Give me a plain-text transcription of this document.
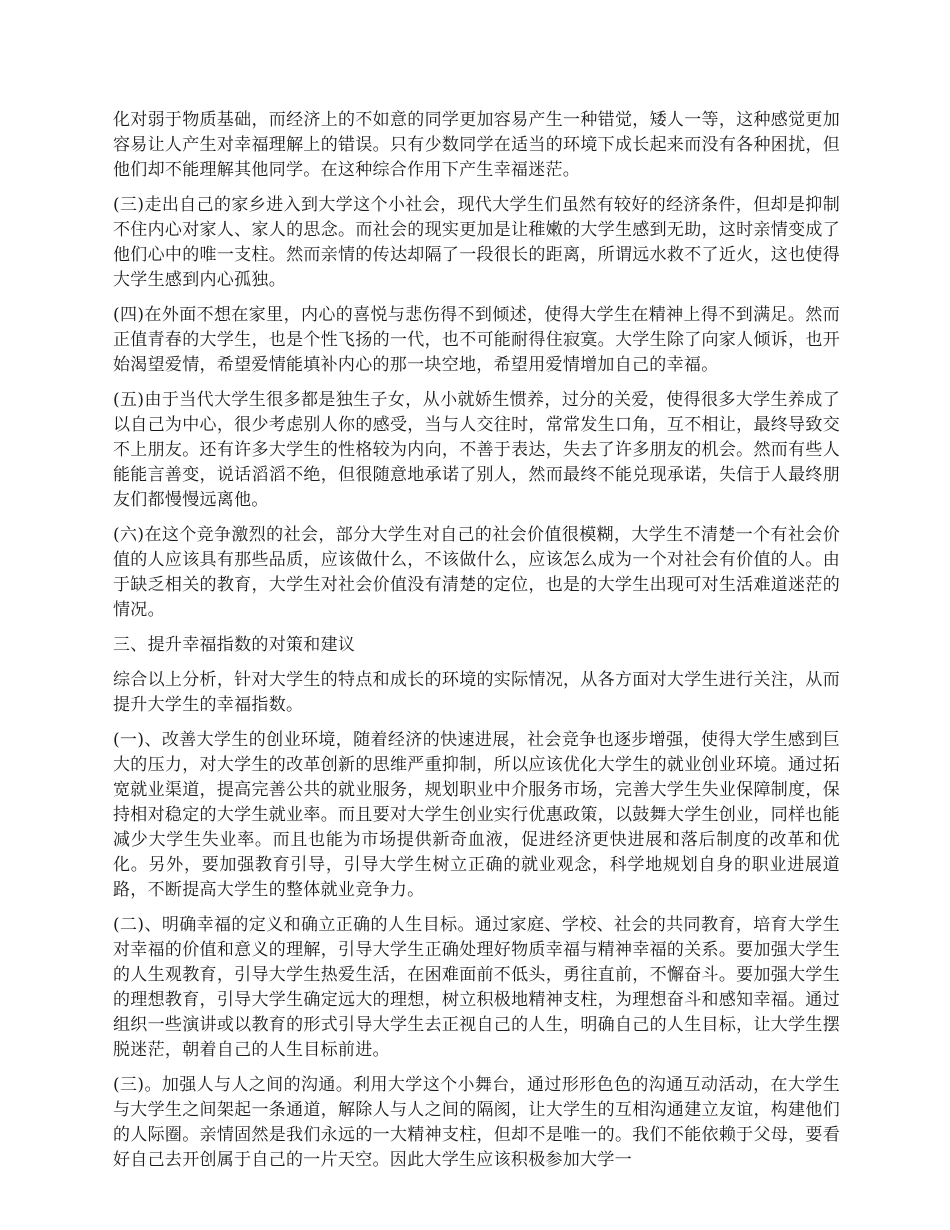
化对弱于物质基础，而经济上的不如意的同学更加容易产生一种错觉，矮人一等，这种感觉更加容易让人产生对幸福理解上的错误。只有少数同学在适当的环境下成长起来而没有各种困扰，但他们却不能理解其他同学。在这种综合作用下产生幸福迷茫。

(三)走出自己的家乡进入到大学这个小社会，现代大学生们虽然有较好的经济条件，但却是抑制不住内心对家人、家人的思念。而社会的现实更加是让稚嫩的大学生感到无助，这时亲情变成了他们心中的唯一支柱。然而亲情的传达却隔了一段很长的距离，所谓远水救不了近火，这也使得大学生感到内心孤独。

(四)在外面不想在家里，内心的喜悦与悲伤得不到倾述，使得大学生在精神上得不到满足。然而正值青春的大学生，也是个性飞扬的一代，也不可能耐得住寂寞。大学生除了向家人倾诉，也开始渴望爱情，希望爱情能填补内心的那一块空地，希望用爱情增加自己的幸福。

(五)由于当代大学生很多都是独生子女，从小就娇生惯养，过分的关爱，使得很多大学生养成了以自己为中心，很少考虑别人你的感受，当与人交往时，常常发生口角，互不相让，最终导致交不上朋友。还有许多大学生的性格较为内向，不善于表达，失去了许多朋友的机会。然而有些人能能言善变，说话滔滔不绝，但很随意地承诺了别人，然而最终不能兑现承诺，失信于人最终朋友们都慢慢远离他。

(六)在这个竞争激烈的社会，部分大学生对自己的社会价值很模糊，大学生不清楚一个有社会价值的人应该具有那些品质，应该做什么，不该做什么，应该怎么成为一个对社会有价值的人。由于缺乏相关的教育，大学生对社会价值没有清楚的定位，也是的大学生出现可对生活难道迷茫的情况。

三、提升幸福指数的对策和建议

综合以上分析，针对大学生的特点和成长的环境的实际情况，从各方面对大学生进行关注，从而提升大学生的幸福指数。

(一)、改善大学生的创业环境，随着经济的快速进展，社会竞争也逐步增强，使得大学生感到巨大的压力，对大学生的改革创新的思维严重抑制，所以应该优化大学生的就业创业环境。通过拓宽就业渠道，提高完善公共的就业服务，规划职业中介服务市场，完善大学生失业保障制度，保持相对稳定的大学生就业率。而且要对大学生创业实行优惠政策，以鼓舞大学生创业，同样也能减少大学生失业率。而且也能为市场提供新奇血液，促进经济更快进展和落后制度的改革和优化。另外，要加强教育引导，引导大学生树立正确的就业观念，科学地规划自身的职业进展道路，不断提高大学生的整体就业竞争力。

(二)、明确幸福的定义和确立正确的人生目标。通过家庭、学校、社会的共同教育，培育大学生对幸福的价值和意义的理解，引导大学生正确处理好物质幸福与精神幸福的关系。要加强大学生的人生观教育，引导大学生热爱生活，在困难面前不低头，勇往直前，不懈奋斗。要加强大学生的理想教育，引导大学生确定远大的理想，树立积极地精神支柱，为理想奋斗和感知幸福。通过组织一些演讲或以教育的形式引导大学生去正视自己的人生，明确自己的人生目标，让大学生摆脱迷茫，朝着自己的人生目标前进。

(三)。加强人与人之间的沟通。利用大学这个小舞台，通过形形色色的沟通互动活动，在大学生与大学生之间架起一条通道，解除人与人之间的隔阂，让大学生的互相沟通建立友谊，构建他们的人际圈。亲情固然是我们永远的一大精神支柱，但却不是唯一的。我们不能依赖于父母，要看好自己去开创属于自己的一片天空。因此大学生应该积极参加大学一
